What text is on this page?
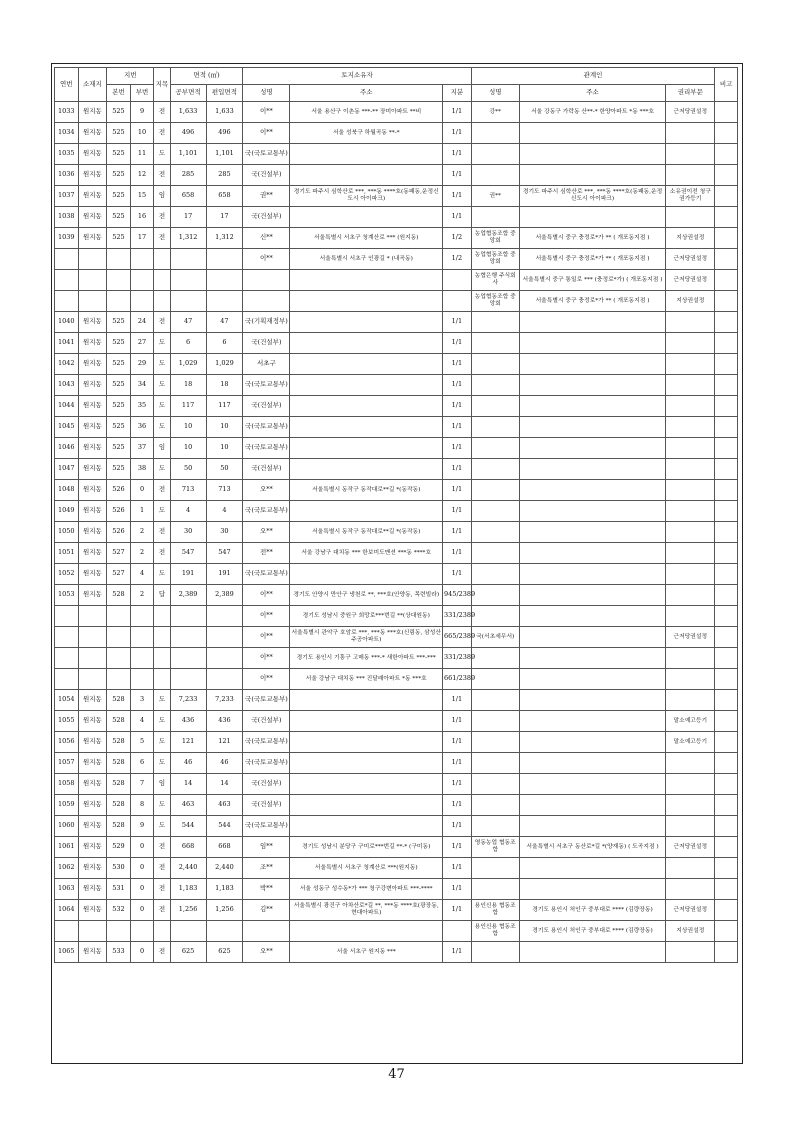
연번	소재지	지번		지목	면적 (㎡)		토지소유자			관계인			비고
		본번	부번		공부면적	편입면적	성명	주소	지분	성명	주소	권리부문	
1033	원지동	525	9	전	1,633	1,633	이**	서울 용산구 이촌동 ***-** 장미아파트 **비	1/1	강**	서울 강동구 가락동 산**-* 한양아파트 *동 ***호	근저당권설정	
1034	원지동	525	10	전	496	496	이**	서울 성북구 하월곡동 **-*	1/1				
1035	원지동	525	11	도	1,101	1,101	국(국토교통부)		1/1				
1036	원지동	525	12	전	285	285	국(건설부)		1/1				
1037	원지동	525	15	임	658	658	권**	경기도 파주시 심학산로 ***, ***동 ****호(동패동,운정신도시 아이파크)	1/1	권**	경기도 파주시 심학산로 ***, ***동 ****호(동패동,운정신도시 아이파크)	소유권이전 청구권가등기	
1038	원지동	525	16	전	17	17	국(건설부)		1/1				
1039	원지동	525	17	전	1,312	1,312	신**	서울특별시 서초구 청계산로 *** (원지동)	1/2	농업협동조합 중앙회	서울특별시 중구 충정로*가 ** ( 개포동지점 )	지상권설정	
							이**	서울특별시 서초구 인광길 * (내곡동)	1/2	농업협동조합 중앙회	서울특별시 중구 충정로*가 ** ( 개포동지점 )	근저당권설정	
										농협은행 주식회사	서울특별시 중구 통일로 *** (충정로*가) ( 개포동지점 )	근저당권설정	
										농업협동조합 중앙회	서울특별시 중구 충정로*가 ** ( 개포동지점 )	지상권설정	
1040	원지동	525	24	전	47	47	국(기획재정부)		1/1				
1041	원지동	525	27	도	6	6	국(건설부)		1/1				
1042	원지동	525	29	도	1,029	1,029	서초구		1/1				
1043	원지동	525	34	도	18	18	국(국토교통부)		1/1				
1044	원지동	525	35	도	117	117	국(건설부)		1/1				
1045	원지동	525	36	도	10	10	국(국토교통부)		1/1				
1046	원지동	525	37	임	10	10	국(국토교통부)		1/1				
1047	원지동	525	38	도	50	50	국(건설부)		1/1				
1048	원지동	526	0	전	713	713	오**	서울특별시 동작구 동작대로**길 *(동작동)	1/1				
1049	원지동	526	1	도	4	4	국(국토교통부)		1/1				
1050	원지동	526	2	전	30	30	오**	서울특별시 동작구 동작대로**길 *(동작동)	1/1				
1051	원지동	527	2	전	547	547	전**	서울 강남구 대치동 *** 한보미도맨션 ***동 ****호	1/1				
1052	원지동	527	4	도	191	191	국(국토교통부)		1/1				
1053	원지동	528	2	답	2,389	2,389	이**	경기도 안양시 만안구 냉천로 **, ***호(안양동, 목련빌라)	945/2389				
							이**	경기도 성남시 중원구 희망로***번길 **(상대원동)	331/2389				
							이**	서울특별시 관악구 호암로 ***, ***동 ***호(신림동, 삼성산주공아파트)	665/2389	국(서초세무서)		근저당권설정	
							이**	경기도 용인시 기흥구 고매동 ***-* 새한아파트 ***-***	331/2389				
							이**	서울 강남구 대치동 *** 진달래아파트 *동 ***호	661/2389				
1054	원지동	528	3	도	7,233	7,233	국(국토교통부)		1/1				
1055	원지동	528	4	도	436	436	국(건설부)		1/1			말소예고등기	
1056	원지동	528	5	도	121	121	국(국토교통부)		1/1			말소예고등기	
1057	원지동	528	6	도	46	46	국(국토교통부)		1/1				
1058	원지동	528	7	임	14	14	국(건설부)		1/1				
1059	원지동	528	8	도	463	463	국(건설부)		1/1				
1060	원지동	528	9	도	544	544	국(국토교통부)		1/1				
1061	원지동	529	0	전	668	668	임**	경기도 성남시 분당구 구미로***번길 **-* (구미동)	1/1	영동농업 협동조합	서울특별시 서초구 동산로*길 *(양재동) ( 도곡지점 )	근저당권설정	
1062	원지동	530	0	전	2,440	2,440	조**	서울특별시 서초구 청계산로 ***(원지동)	1/1				
1063	원지동	531	0	전	1,183	1,183	박**	서울 성동구 성수동*가 *** 청구강변아파트 ***-****	1/1				
1064	원지동	532	0	전	1,256	1,256	김**	서울특별시 광진구 아차산로*길 **, ***동 ****호(광장동,현대아파트)	1/1	용인신용 협동조합	경기도 용인시 처인구 중부대로 **** (김량장동)	근저당권설정	
										용인신용 협동조합	경기도 용인시 처인구 중부대로 **** (김량장동)	지상권설정	
1065	원지동	533	0	전	625	625	오**	서울 서초구 원지동 ***	1/1				
47
